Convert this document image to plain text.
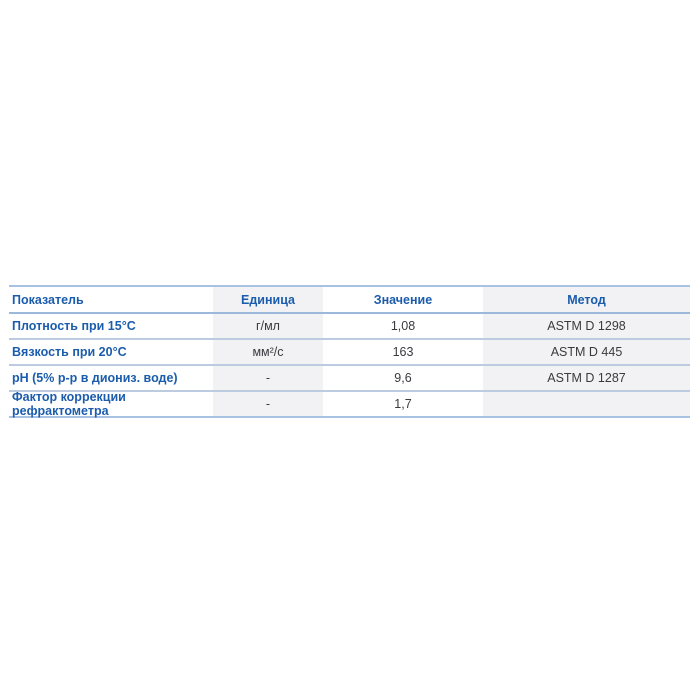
Показатель	Единица	Значение	Метод
Плотность при 15°C	г/мл	1,08	ASTM D 1298
Вязкость при 20°C	мм²/с	163	ASTM D 445
pH (5% р-р в диониз. воде)	-	9,6	ASTM D 1287
Фактор коррекции рефрактометра	-	1,7
